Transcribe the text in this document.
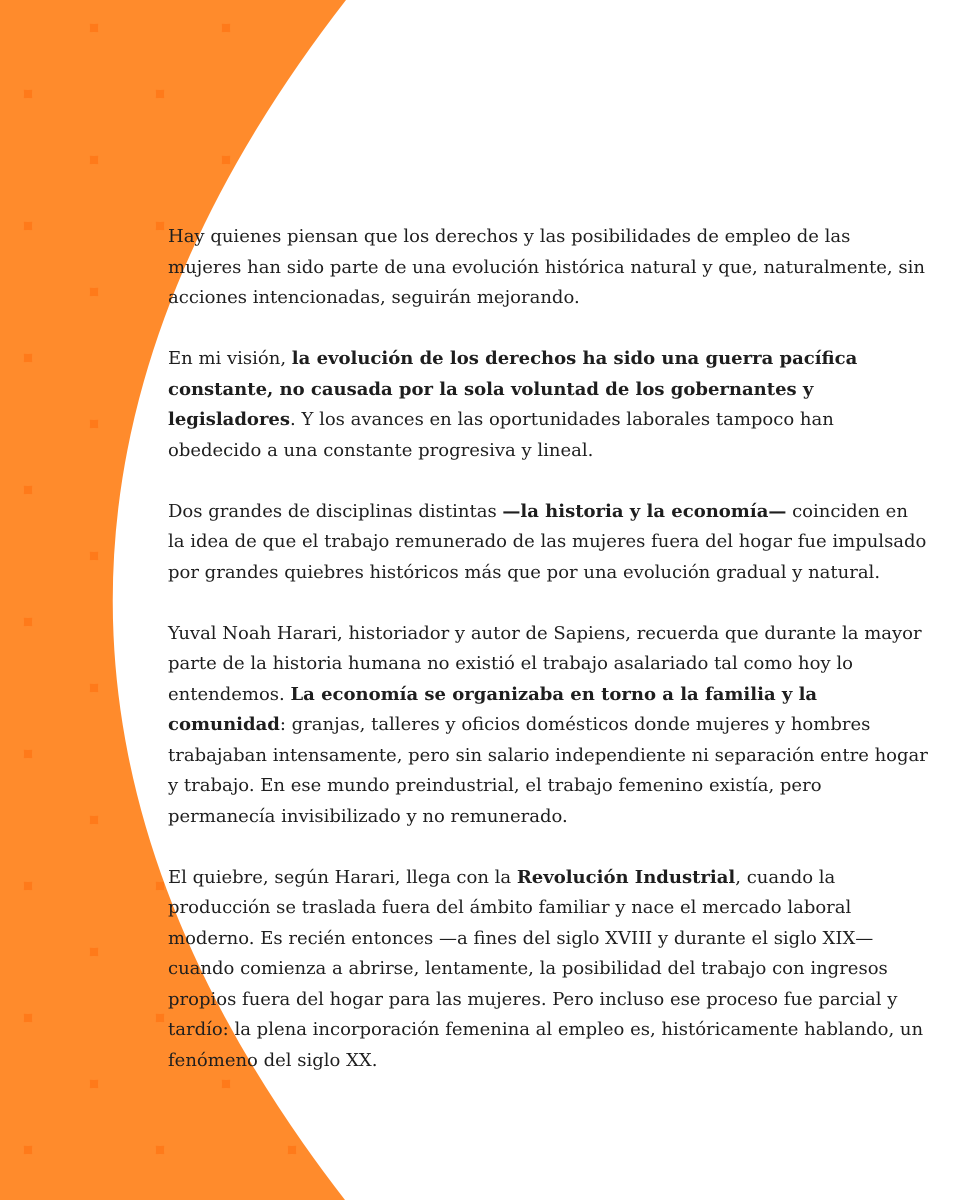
Hay quienes piensan que los derechos y las posibilidades de empleo de las mujeres han sido parte de una evolución histórica natural y que, naturalmente, sin acciones intencionadas, seguirán mejorando.

En mi visión, la evolución de los derechos ha sido una guerra pacífica constante, no causada por la sola voluntad de los gobernantes y legisladores. Y los avances en las oportunidades laborales tampoco han obedecido a una constante progresiva y lineal.

Dos grandes de disciplinas distintas —la historia y la economía— coinciden en la idea de que el trabajo remunerado de las mujeres fuera del hogar fue impulsado por grandes quiebres históricos más que por una evolución gradual y natural.

Yuval Noah Harari, historiador y autor de Sapiens, recuerda que durante la mayor parte de la historia humana no existió el trabajo asalariado tal como hoy lo entendemos. La economía se organizaba en torno a la familia y la comunidad: granjas, talleres y oficios domésticos donde mujeres y hombres trabajaban intensamente, pero sin salario independiente ni separación entre hogar y trabajo. En ese mundo preindustrial, el trabajo femenino existía, pero permanecía invisibilizado y no remunerado.

El quiebre, según Harari, llega con la Revolución Industrial, cuando la producción se traslada fuera del ámbito familiar y nace el mercado laboral moderno. Es recién entonces —a fines del siglo XVIII y durante el siglo XIX— cuando comienza a abrirse, lentamente, la posibilidad del trabajo con ingresos propios fuera del hogar para las mujeres. Pero incluso ese proceso fue parcial y tardío: la plena incorporación femenina al empleo es, históricamente hablando, un fenómeno del siglo XX.
